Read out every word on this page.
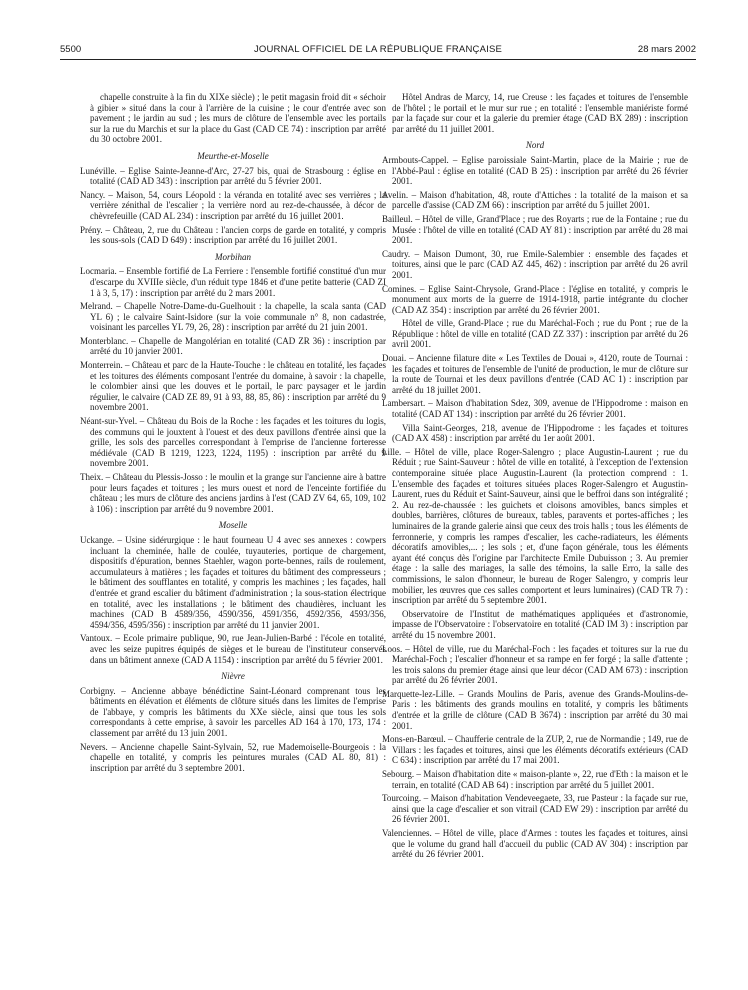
5500	JOURNAL OFFICIEL DE LA RÉPUBLIQUE FRANÇAISE	28 mars 2002

chapelle construite à la fin du XIXe siècle) ; le petit magasin froid dit « séchoir à gibier » situé dans la cour à l'arrière de la cuisine ; le cour d'entrée avec son pavement ; le jardin au sud ; les murs de clôture de l'ensemble avec les portails sur la rue du Marchis et sur la place du Gast (CAD CE 74) : inscription par arrêté du 30 octobre 2001.

Meurthe-et-Moselle

Lunéville. – Eglise Sainte-Jeanne-d'Arc, 27-27 bis, quai de Strasbourg : église en totalité (CAD AD 343) : inscription par arrêté du 5 février 2001.

Nancy. – Maison, 54, cours Léopold : la véranda en totalité avec ses verrières ; la verrière zénithal de l'escalier ; la verrière nord au rez-de-chaussée, à décor de chèvrefeuille (CAD AL 234) : inscription par arrêté du 16 juillet 2001.

Prény. – Château, 2, rue du Château : l'ancien corps de garde en totalité, y compris les sous-sols (CAD D 649) : inscription par arrêté du 16 juillet 2001.

Morbihan

Locmaria. – Ensemble fortifié de La Ferriere : l'ensemble fortifié constitué d'un mur d'escarpe du XVIIIe siècle, d'un réduit type 1846 et d'une petite batterie (CAD ZI 1 à 3, 5, 17) : inscription par arrêté du 2 mars 2001.

Melrand. – Chapelle Notre-Dame-du-Guelhouit : la chapelle, la scala santa (CAD YL 6) ; le calvaire Saint-Isidore (sur la voie communale n° 8, non cadastrée, voisinant les parcelles YL 79, 26, 28) : inscription par arrêté du 21 juin 2001.

Monterblanc. – Chapelle de Mangolérian en totalité (CAD ZR 36) : inscription par arrêté du 10 janvier 2001.

Monterrein. – Château et parc de la Haute-Touche : le château en totalité, les façades et les toitures des éléments composant l'entrée du domaine, à savoir : la chapelle, le colombier ainsi que les douves et le portail, le parc paysager et le jardin régulier, le calvaire (CAD ZE 89, 91 à 93, 88, 85, 86) : inscription par arrêté du 9 novembre 2001.

Néant-sur-Yvel. – Château du Bois de la Roche : les façades et les toitures du logis, des communs qui le jouxtent à l'ouest et des deux pavillons d'entrée ainsi que la grille, les sols des parcelles correspondant à l'emprise de l'ancienne forteresse médiévale (CAD B 1219, 1223, 1224, 1195) : inscription par arrêté du 9 novembre 2001.

Theix. – Château du Plessis-Josso : le moulin et la grange sur l'ancienne aire à battre pour leurs façades et toitures ; les murs ouest et nord de l'enceinte fortifiée du château ; les murs de clôture des anciens jardins à l'est (CAD ZV 64, 65, 109, 102 à 106) : inscription par arrêté du 9 novembre 2001.

Moselle

Uckange. – Usine sidérurgique : le haut fourneau U 4 avec ses annexes : cowpers incluant la cheminée, halle de coulée, tuyauteries, portique de chargement, dispositifs d'épuration, bennes Staehler, wagon porte-bennes, rails de roulement, accumulateurs à matières ; les façades et toitures du bâtiment des compresseurs ; le bâtiment des soufflantes en totalité, y compris les machines ; les façades, hall d'entrée et grand escalier du bâtiment d'administration ; la sous-station électrique en totalité, avec les installations ; le bâtiment des chaudières, incluant les machines (CAD B 4589/356, 4590/356, 4591/356, 4592/356, 4593/356, 4594/356, 4595/356) : inscription par arrêté du 11 janvier 2001.

Vantoux. – Ecole primaire publique, 90, rue Jean-Julien-Barbé : l'école en totalité, avec les seize pupitres équipés de sièges et le bureau de l'instituteur conservés dans un bâtiment annexe (CAD A 1154) : inscription par arrêté du 5 février 2001.

Nièvre

Corbigny. – Ancienne abbaye bénédictine Saint-Léonard comprenant tous les bâtiments en élévation et éléments de clôture situés dans les limites de l'emprise de l'abbaye, y compris les bâtiments du XXe siècle, ainsi que tous les sols correspondants à cette emprise, à savoir les parcelles AD 164 à 170, 173, 174 : classement par arrêté du 13 juin 2001.

Nevers. – Ancienne chapelle Saint-Sylvain, 52, rue Mademoiselle-Bourgeois : la chapelle en totalité, y compris les peintures murales (CAD AL 80, 81) : inscription par arrêté du 3 septembre 2001.

Hôtel Andras de Marcy, 14, rue Creuse : les façades et toitures de l'ensemble de l'hôtel ; le portail et le mur sur rue ; en totalité : l'ensemble maniériste formé par la façade sur cour et la galerie du premier étage (CAD BX 289) : inscription par arrêté du 11 juillet 2001.

Nord

Armbouts-Cappel. – Eglise paroissiale Saint-Martin, place de la Mairie ; rue de l'Abbé-Paul : église en totalité (CAD B 25) : inscription par arrêté du 26 février 2001.

Avelin. – Maison d'habitation, 48, route d'Attiches : la totalité de la maison et sa parcelle d'assise (CAD ZM 66) : inscription par arrêté du 5 juillet 2001.

Bailleul. – Hôtel de ville, Grand'Place ; rue des Royarts ; rue de la Fontaine ; rue du Musée : l'hôtel de ville en totalité (CAD AY 81) : inscription par arrêté du 28 mai 2001.

Caudry. – Maison Dumont, 30, rue Emile-Salembier : ensemble des façades et toitures, ainsi que le parc (CAD AZ 445, 462) : inscription par arrêté du 26 avril 2001.

Comines. – Eglise Saint-Chrysole, Grand-Place : l'église en totalité, y compris le monument aux morts de la guerre de 1914-1918, partie intégrante du clocher (CAD AZ 354) : inscription par arrêté du 26 février 2001.

Hôtel de ville, Grand-Place ; rue du Maréchal-Foch ; rue du Pont ; rue de la République : hôtel de ville en totalité (CAD ZZ 337) : inscription par arrêté du 26 avril 2001.

Douai. – Ancienne filature dite « Les Textiles de Douai », 4120, route de Tournai : les façades et toitures de l'ensemble de l'unité de production, le mur de clôture sur la route de Tournai et les deux pavillons d'entrée (CAD AC 1) : inscription par arrêté du 18 juillet 2001.

Lambersart. – Maison d'habitation Sdez, 309, avenue de l'Hippodrome : maison en totalité (CAD AT 134) : inscription par arrêté du 26 février 2001.

Villa Saint-Georges, 218, avenue de l'Hippodrome : les façades et toitures (CAD AX 458) : inscription par arrêté du 1er août 2001.

Lille. – Hôtel de ville, place Roger-Salengro ; place Augustin-Laurent ; rue du Réduit ; rue Saint-Sauveur : hôtel de ville en totalité, à l'exception de l'extension contemporaine située place Augustin-Laurent (la protection comprend : 1. L'ensemble des façades et toitures situées places Roger-Salengro et Augustin-Laurent, rues du Réduit et Saint-Sauveur, ainsi que le beffroi dans son intégralité ; 2. Au rez-de-chaussée : les guichets et cloisons amovibles, bancs simples et doubles, barrières, clôtures de bureaux, tables, paravents et portes-affiches ; les luminaires de la grande galerie ainsi que ceux des trois halls ; tous les éléments de ferronnerie, y compris les rampes d'escalier, les cache-radiateurs, les éléments décoratifs amovibles,... ; les sols ; et, d'une façon générale, tous les éléments ayant été conçus dès l'origine par l'architecte Emile Dubuisson ; 3. Au premier étage : la salle des mariages, la salle des témoins, la salle Erro, la salle des commissions, le salon d'honneur, le bureau de Roger Salengro, y compris leur mobilier, les œuvres que ces salles comportent et leurs luminaires) (CAD TR 7) : inscription par arrêté du 5 septembre 2001.

Observatoire de l'Institut de mathématiques appliquées et d'astronomie, impasse de l'Observatoire : l'observatoire en totalité (CAD IM 3) : inscription par arrêté du 15 novembre 2001.

Loos. – Hôtel de ville, rue du Maréchal-Foch : les façades et toitures sur la rue du Maréchal-Foch ; l'escalier d'honneur et sa rampe en fer forgé ; la salle d'attente ; les trois salons du premier étage ainsi que leur décor (CAD AM 673) : inscription par arrêté du 26 février 2001.

Marquette-lez-Lille. – Grands Moulins de Paris, avenue des Grands-Moulins-de-Paris : les bâtiments des grands moulins en totalité, y compris les bâtiments d'entrée et la grille de clôture (CAD B 3674) : inscription par arrêté du 30 mai 2001.

Mons-en-Barœul. – Chaufferie centrale de la ZUP, 2, rue de Normandie ; 149, rue de Villars : les façades et toitures, ainsi que les éléments décoratifs extérieurs (CAD C 634) : inscription par arrêté du 17 mai 2001.

Sebourg. – Maison d'habitation dite « maison-plante », 22, rue d'Eth : la maison et le terrain, en totalité (CAD AB 64) : inscription par arrêté du 5 juillet 2001.

Tourcoing. – Maison d'habitation Vendeveegaete, 33, rue Pasteur : la façade sur rue, ainsi que la cage d'escalier et son vitrail (CAD EW 29) : inscription par arrêté du 26 février 2001.

Valenciennes. – Hôtel de ville, place d'Armes : toutes les façades et toitures, ainsi que le volume du grand hall d'accueil du public (CAD AV 304) : inscription par arrêté du 26 février 2001.
